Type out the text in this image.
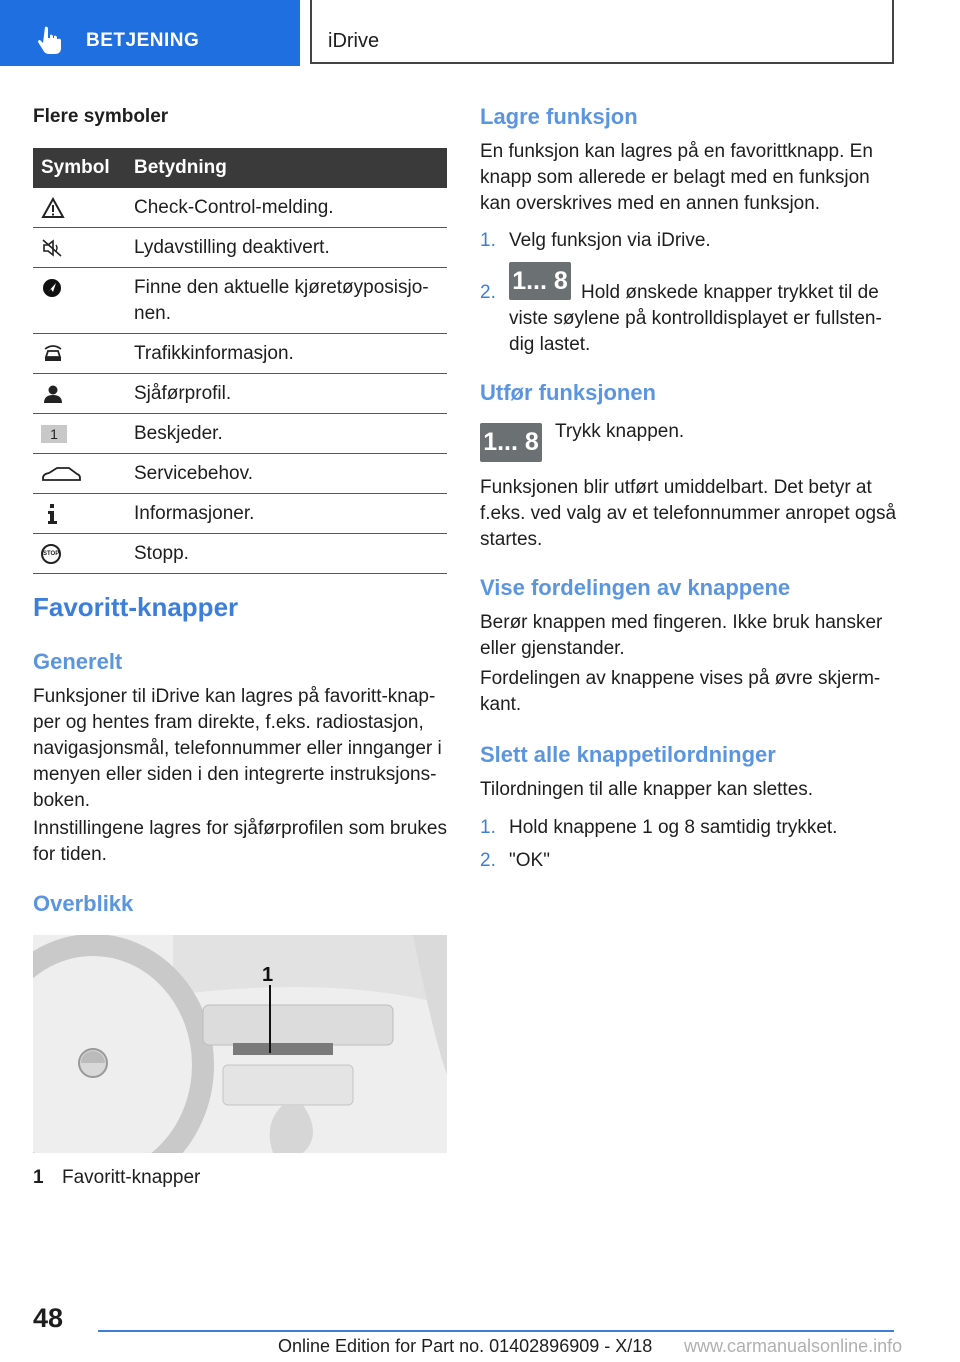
BETJENING	iDrive
Flere symboler
Symbol	Betydning
	Check-Control-melding.
	Lydavstilling deaktivert.
	Finne den aktuelle kjøretøyposisjo-nen.
	Trafikkinformasjon.
	Sjåførprofil.
1	Beskjeder.
	Servicebehov.
	Informasjoner.
STOP	Stopp.
Favoritt-knapper
Generelt
Funksjoner til iDrive kan lagres på favoritt-knap-per og hentes fram direkte, f.eks. radiostasjon, navigasjonsmål, telefonnummer eller innganger i menyen eller siden i den integrerte instruksjons-boken.
Innstillingene lagres for sjåførprofilen som brukes for tiden.
Overblikk
1
1 Favoritt-knapper
Lagre funksjon
En funksjon kan lagres på en favorittknapp. En knapp som allerede er belagt med en funksjon kan overskrives med en annen funksjon.
1. Velg funksjon via iDrive.
2. 1... 8 Hold ønskede knapper trykket til de viste søylene på kontrolldisplayet er fullsten-dig lastet.
Utfør funksjonen
1... 8 Trykk knappen.
Funksjonen blir utført umiddelbart. Det betyr at f.eks. ved valg av et telefonnummer anropet også startes.
Vise fordelingen av knappene
Berør knappen med fingeren. Ikke bruk hansker eller gjenstander.
Fordelingen av knappene vises på øvre skjerm-kant.
Slett alle knappetilordninger
Tilordningen til alle knapper kan slettes.
1. Hold knappene 1 og 8 samtidig trykket.
2. "OK"
48
Online Edition for Part no. 01402896909 - X/18 www.carmanualsonline.info
